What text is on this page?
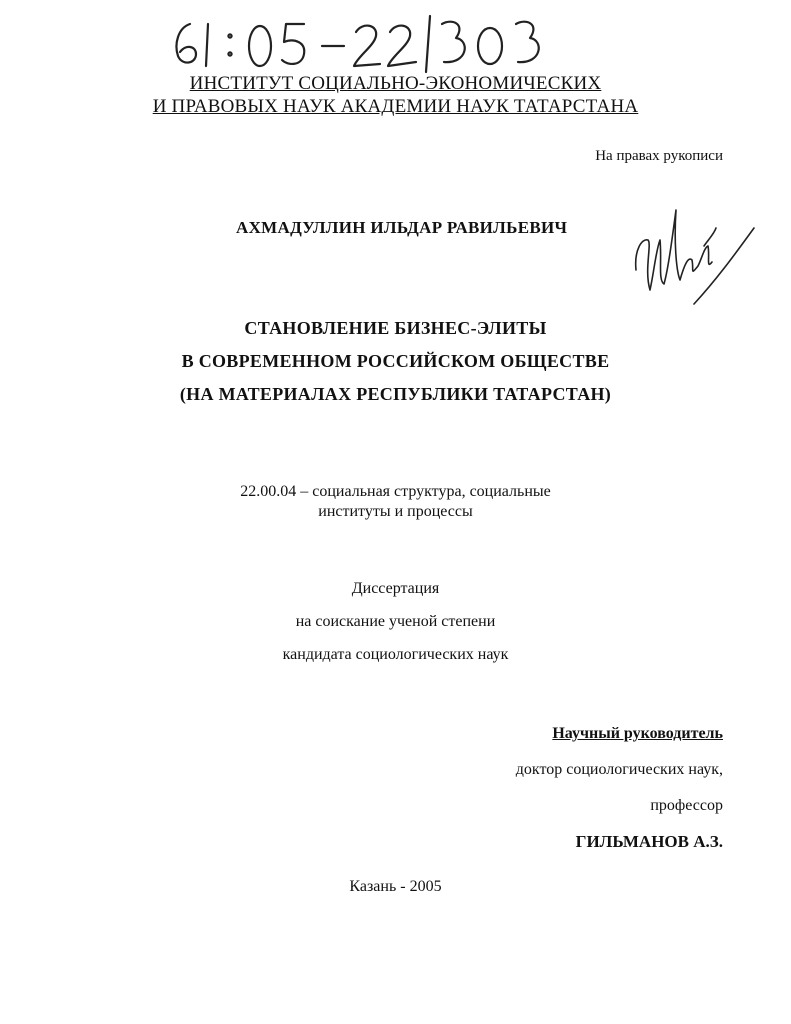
ИНСТИТУТ СОЦИАЛЬНО-ЭКОНОМИЧЕСКИХ
И ПРАВОВЫХ НАУК АКАДЕМИИ НАУК ТАТАРСТАНА
На правах рукописи
АХМАДУЛЛИН ИЛЬДАР РАВИЛЬЕВИЧ
СТАНОВЛЕНИЕ БИЗНЕС-ЭЛИТЫ
В СОВРЕМЕННОМ РОССИЙСКОМ ОБЩЕСТВЕ
(НА МАТЕРИАЛАХ РЕСПУБЛИКИ ТАТАРСТАН)
22.00.04 – социальная структура, социальные
институты и процессы
Диссертация
на соискание ученой степени
кандидата социологических наук
Научный руководитель
доктор социологических наук,
профессор
ГИЛЬМАНОВ А.З.
Казань - 2005
